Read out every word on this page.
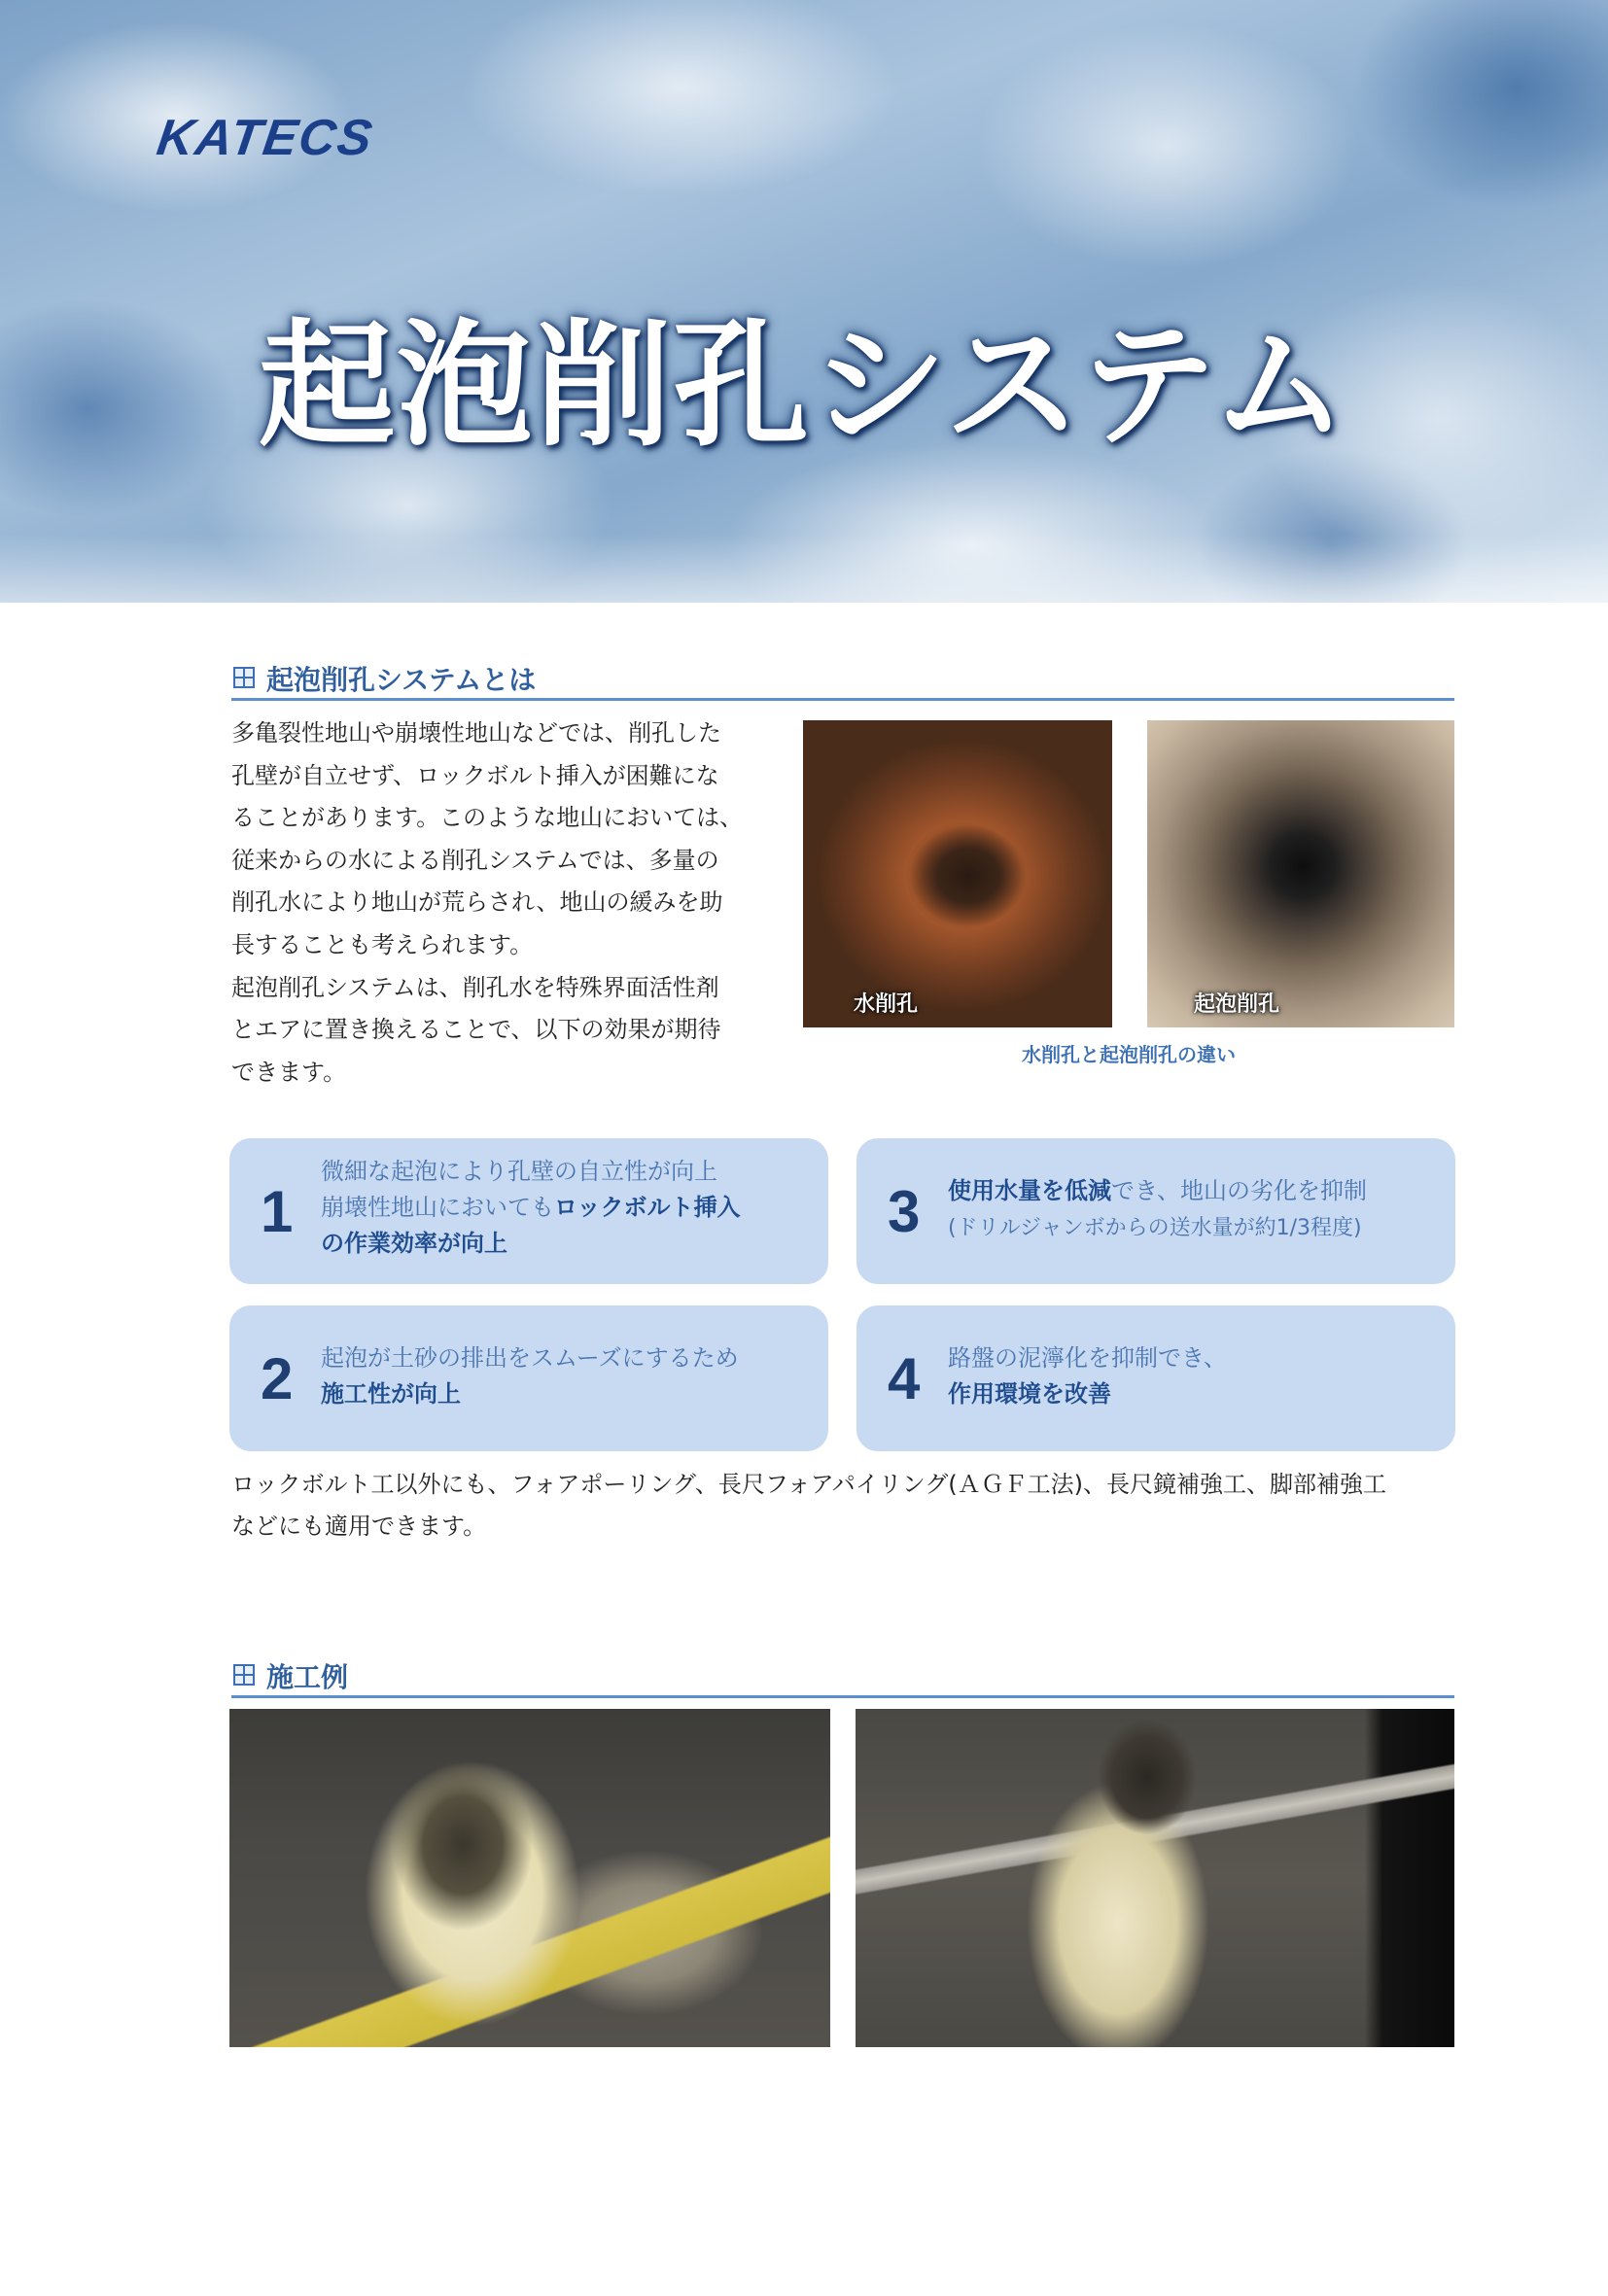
KATECS
起泡削孔システム
起泡削孔システムとは

多亀裂性地山や崩壊性地山などでは、削孔した

孔壁が自立せず、ロックボルト挿入が困難にな

ることがあります。このような地山においては、

従来からの水による削孔システムでは、多量の

削孔水により地山が荒らされ、地山の緩みを助

長することも考えられます。

起泡削孔システムは、削孔水を特殊界面活性剤

とエアに置き換えることで、以下の効果が期待

できます。

水削孔	起泡削孔
水削孔と起泡削孔の違い
1
微細な起泡により孔壁の自立性が向上
崩壊性地山においてもロックボルト挿入
の作業効率が向上	3	使用水量を低減でき、地山の劣化を抑制
(ドリルジャンボからの送水量が約1/3程度)
2	起泡が土砂の排出をスムーズにするため
施工性が向上	4	路盤の泥濘化を抑制でき、
作用環境を改善
ロックボルト工以外にも、フォアポーリング、長尺フォアパイリング(ＡＧＦ工法)、長尺鏡補強工、脚部補強工
などにも適用できます。
施工例
